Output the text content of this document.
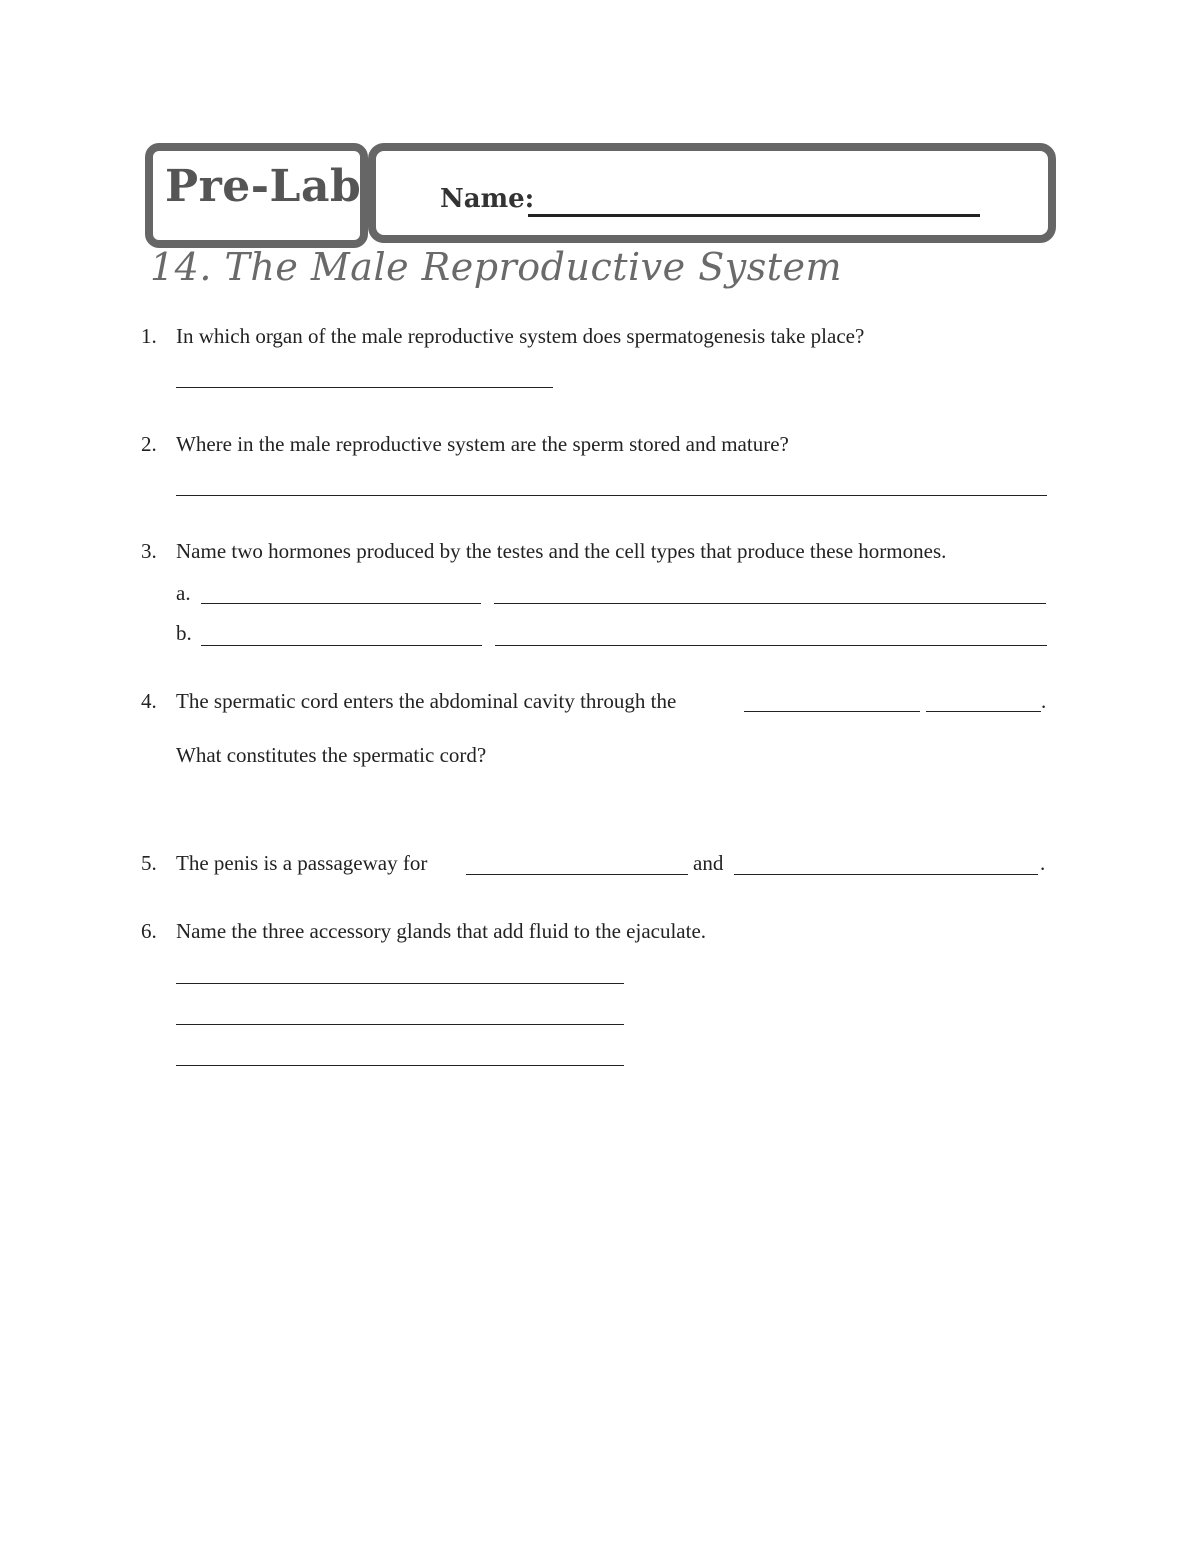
Pre-Lab	Name:
14. The Male Reproductive System
1. In which organ of the male reproductive system does spermatogenesis take place?
2. Where in the male reproductive system are the sperm stored and mature?
3. Name two hormones produced by the testes and the cell types that produce these hormones.
a.
b.
4. The spermatic cord enters the abdominal cavity through the	.
What constitutes the spermatic cord?
5. The penis is a passageway for	and	.
6. Name the three accessory glands that add fluid to the ejaculate.
